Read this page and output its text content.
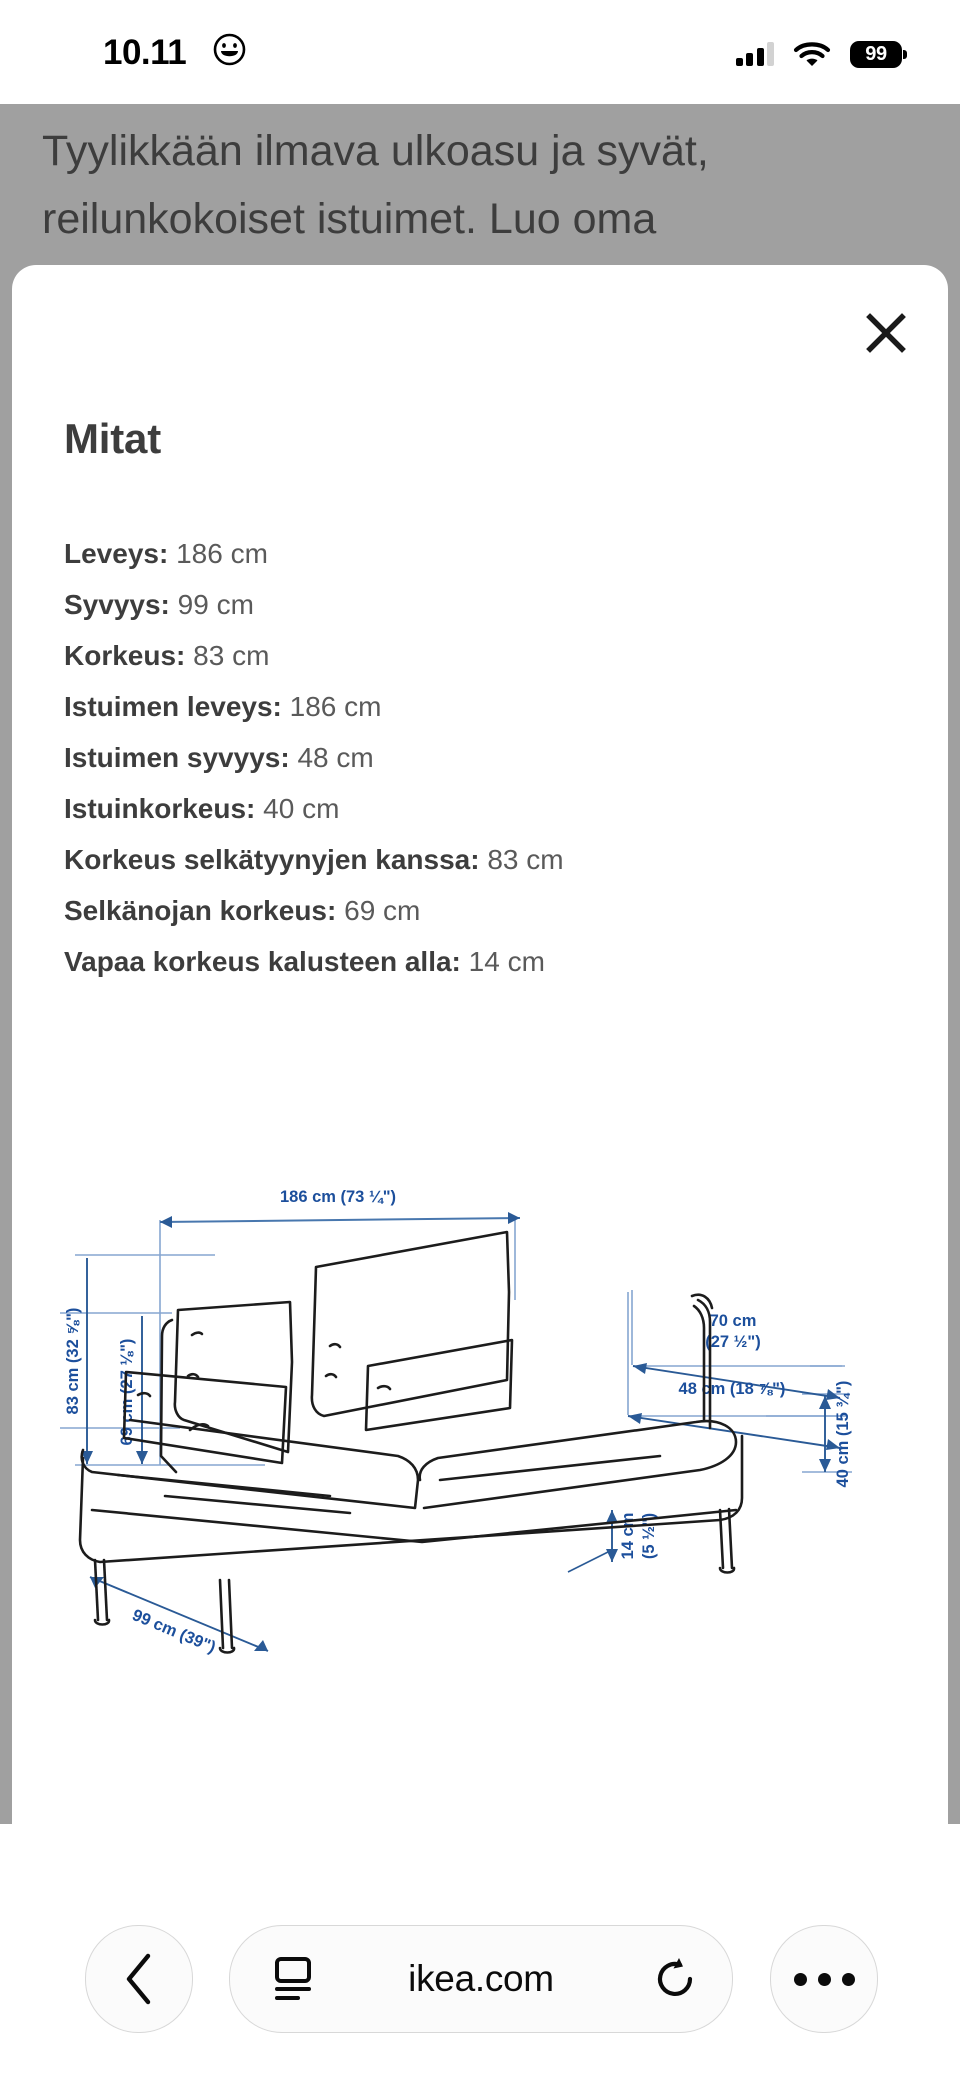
Tyylikkään ilmava ulkoasu ja syvät,
reilunkokoiset istuimet. Luo oma
Mitat
Leveys: 186 cm
Syvyys: 99 cm
Korkeus: 83 cm
Istuimen leveys: 186 cm
Istuimen syvyys: 48 cm
Istuinkorkeus: 40 cm
Korkeus selkätyynyjen kanssa: 83 cm
Selkänojan korkeus: 69 cm
Vapaa korkeus kalusteen alla: 14 cm
186 cm (73 ¼")
83 cm (32 ⅝") 69 cm (27 ⅛")
70 cm
(27 ½")
48 cm (18 ⅞")	40 cm (15 ¾")
14 cm (5 ½")
99 cm (39")
10.11	99
ikea.com
